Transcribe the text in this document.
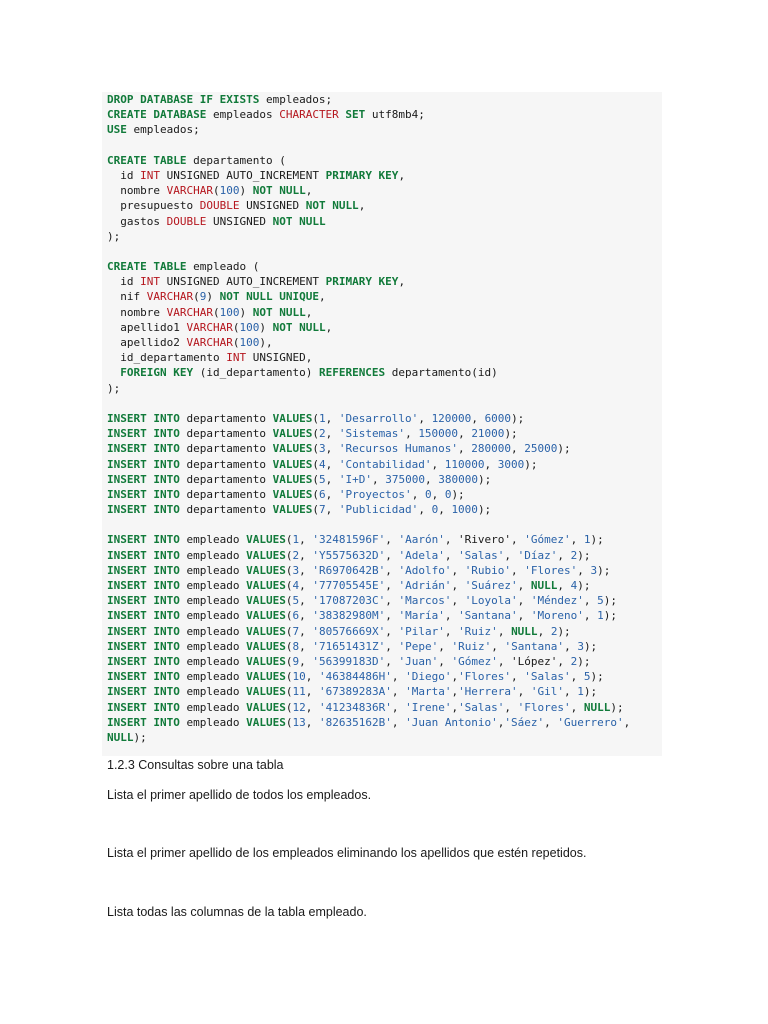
DROP DATABASE IF EXISTS empleados;
CREATE DATABASE empleados CHARACTER SET utf8mb4;
USE empleados;

CREATE TABLE departamento (
id INT UNSIGNED AUTO_INCREMENT PRIMARY KEY,
nombre VARCHAR(100) NOT NULL,
presupuesto DOUBLE UNSIGNED NOT NULL,
gastos DOUBLE UNSIGNED NOT NULL
);

CREATE TABLE empleado (
id INT UNSIGNED AUTO_INCREMENT PRIMARY KEY,
nif VARCHAR(9) NOT NULL UNIQUE,
nombre VARCHAR(100) NOT NULL,
apellido1 VARCHAR(100) NOT NULL,
apellido2 VARCHAR(100),
id_departamento INT UNSIGNED,
FOREIGN KEY (id_departamento) REFERENCES departamento(id)
);

INSERT INTO departamento VALUES(1, 'Desarrollo', 120000, 6000);
INSERT INTO departamento VALUES(2, 'Sistemas', 150000, 21000);
INSERT INTO departamento VALUES(3, 'Recursos Humanos', 280000, 25000);
INSERT INTO departamento VALUES(4, 'Contabilidad', 110000, 3000);
INSERT INTO departamento VALUES(5, 'I+D', 375000, 380000);
INSERT INTO departamento VALUES(6, 'Proyectos', 0, 0);
INSERT INTO departamento VALUES(7, 'Publicidad', 0, 1000);

INSERT INTO empleado VALUES(1, '32481596F', 'Aarón', 'Rivero', 'Gómez', 1);
INSERT INTO empleado VALUES(2, 'Y5575632D', 'Adela', 'Salas', 'Díaz', 2);
INSERT INTO empleado VALUES(3, 'R6970642B', 'Adolfo', 'Rubio', 'Flores', 3);
INSERT INTO empleado VALUES(4, '77705545E', 'Adrián', 'Suárez', NULL, 4);
INSERT INTO empleado VALUES(5, '17087203C', 'Marcos', 'Loyola', 'Méndez', 5);
INSERT INTO empleado VALUES(6, '38382980M', 'María', 'Santana', 'Moreno', 1);
INSERT INTO empleado VALUES(7, '80576669X', 'Pilar', 'Ruiz', NULL, 2);
INSERT INTO empleado VALUES(8, '71651431Z', 'Pepe', 'Ruiz', 'Santana', 3);
INSERT INTO empleado VALUES(9, '56399183D', 'Juan', 'Gómez', 'López', 2);
INSERT INTO empleado VALUES(10, '46384486H', 'Diego','Flores', 'Salas', 5);
INSERT INTO empleado VALUES(11, '67389283A', 'Marta','Herrera', 'Gil', 1);
INSERT INTO empleado VALUES(12, '41234836R', 'Irene','Salas', 'Flores', NULL);
INSERT INTO empleado VALUES(13, '82635162B', 'Juan Antonio','Sáez', 'Guerrero',
NULL);

1.2.3 Consultas sobre una tabla

Lista el primer apellido de todos los empleados.

Lista el primer apellido de los empleados eliminando los apellidos que estén repetidos.

Lista todas las columnas de la tabla empleado.
